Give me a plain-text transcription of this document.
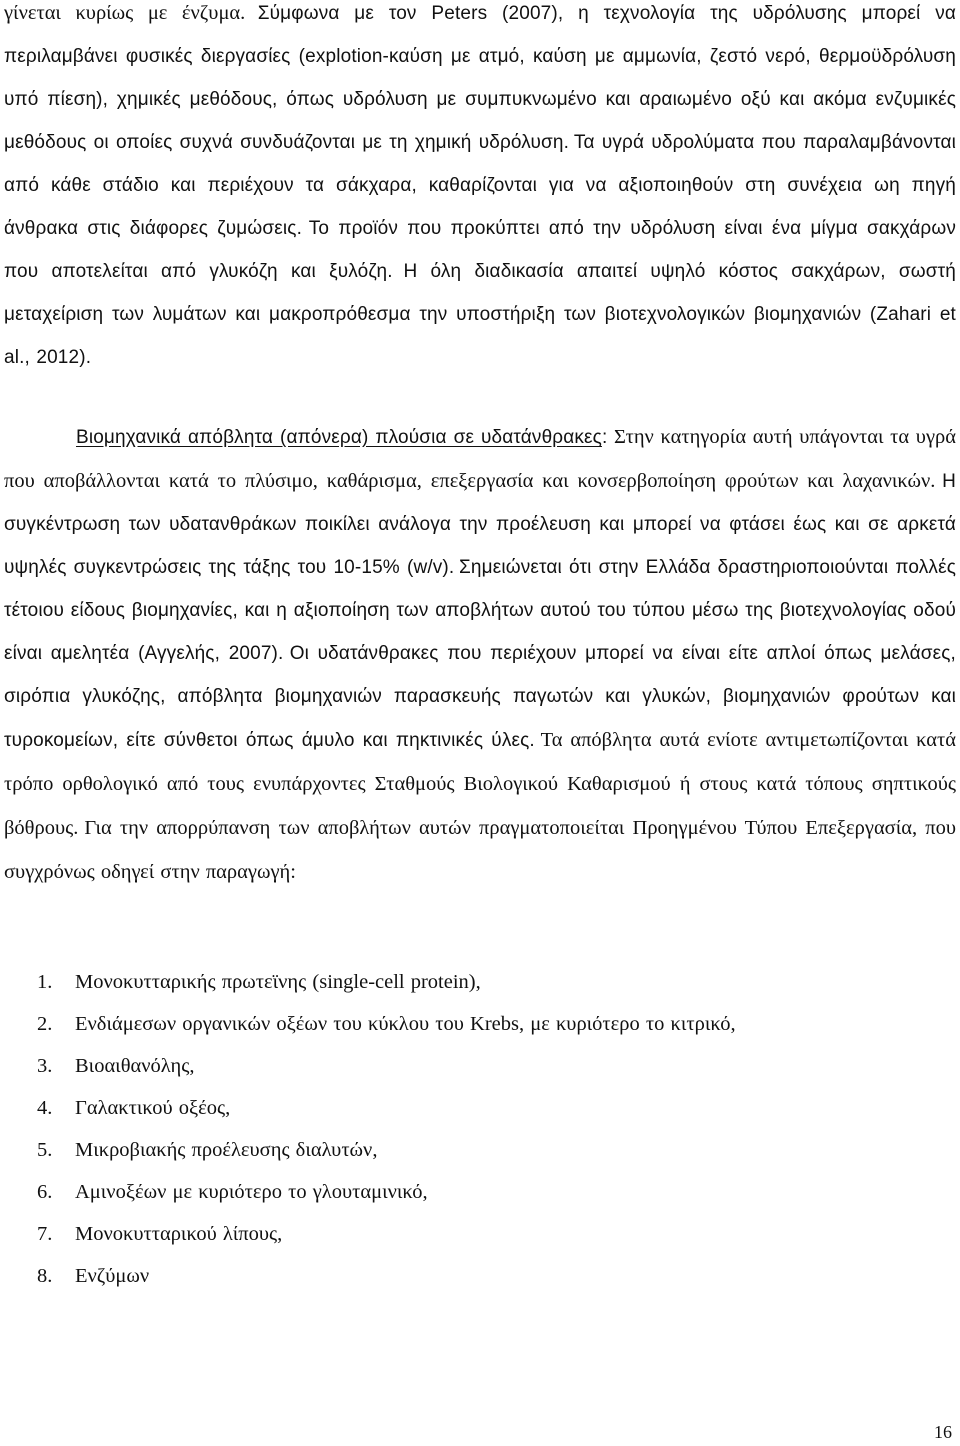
γίνεται κυρίως με ένζυμα. Σύμφωνα με τον Peters (2007), η τεχνολογία της υδρόλυσης μπορεί να περιλαμβάνει φυσικές διεργασίες (explotion-καύση με ατμό, καύση με αμμωνία, ζεστό νερό, θερμοϋδρόλυση υπό πίεση), χημικές μεθόδους, όπως υδρόλυση με συμπυκνωμένο και αραιωμένο οξύ και ακόμα ενζυμικές μεθόδους οι οποίες συχνά συνδυάζονται με τη χημική υδρόλυση. Τα υγρά υδρολύματα που παραλαμβάνονται από κάθε στάδιο και περιέχουν τα σάκχαρα, καθαρίζονται για να αξιοποιηθούν στη συνέχεια ωη πηγή άνθρακα στις διάφορες ζυμώσεις. Το προϊόν που προκύπτει από την υδρόλυση είναι ένα μίγμα σακχάρων που αποτελείται από γλυκόζη και ξυλόζη. Η όλη διαδικασία απαιτεί υψηλό κόστος σακχάρων, σωστή μεταχείριση των λυμάτων και μακροπρόθεσμα την υποστήριξη των βιοτεχνολογικών βιομηχανιών (Zahari et al., 2012).

Βιομηχανικά απόβλητα (απόνερα) πλούσια σε υδατάνθρακες: Στην κατηγορία αυτή υπάγονται τα υγρά που αποβάλλονται κατά το πλύσιμο, καθάρισμα, επεξεργασία και κονσερβοποίηση φρούτων και λαχανικών. Η συγκέντρωση των υδατανθράκων ποικίλει ανάλογα την προέλευση και μπορεί να φτάσει έως και σε αρκετά υψηλές συγκεντρώσεις της τάξης του 10-15% (w/v). Σημειώνεται ότι στην Ελλάδα δραστηριοποιούνται πολλές τέτοιου είδους βιομηχανίες, και η αξιοποίηση των αποβλήτων αυτού του τύπου μέσω της βιοτεχνολογίας οδού είναι αμελητέα (Αγγελής, 2007). Οι υδατάνθρακες που περιέχουν μπορεί να είναι είτε απλοί όπως μελάσες, σιρόπια γλυκόζης, απόβλητα βιομηχανιών παρασκευής παγωτών και γλυκών, βιομηχανιών φρούτων και τυροκομείων, είτε σύνθετοι όπως άμυλο και πηκτινικές ύλες. Τα απόβλητα αυτά ενίοτε αντιμετωπίζονται κατά τρόπο ορθολογικό από τους ενυπάρχοντες Σταθμούς Βιολογικού Καθαρισμού ή στους κατά τόπους σηπτικούς βόθρους. Για την απορρύπανση των αποβλήτων αυτών πραγματοποιείται Προηγμένου Τύπου Επεξεργασία, που συγχρόνως οδηγεί στην παραγωγή:

1. Μονοκυτταρικής πρωτεϊνης (single-cell protein),
2. Ενδιάμεσων οργανικών οξέων του κύκλου του Krebs, με κυριότερο το κιτρικό,
3. Βιοαιθανόλης,
4. Γαλακτικού οξέος,
5. Μικροβιακής προέλευσης διαλυτών,
6. Αμινοξέων με κυριότερο το γλουταμινικό,
7. Μονοκυτταρικού λίπους,
8. Ενζύμων
16
